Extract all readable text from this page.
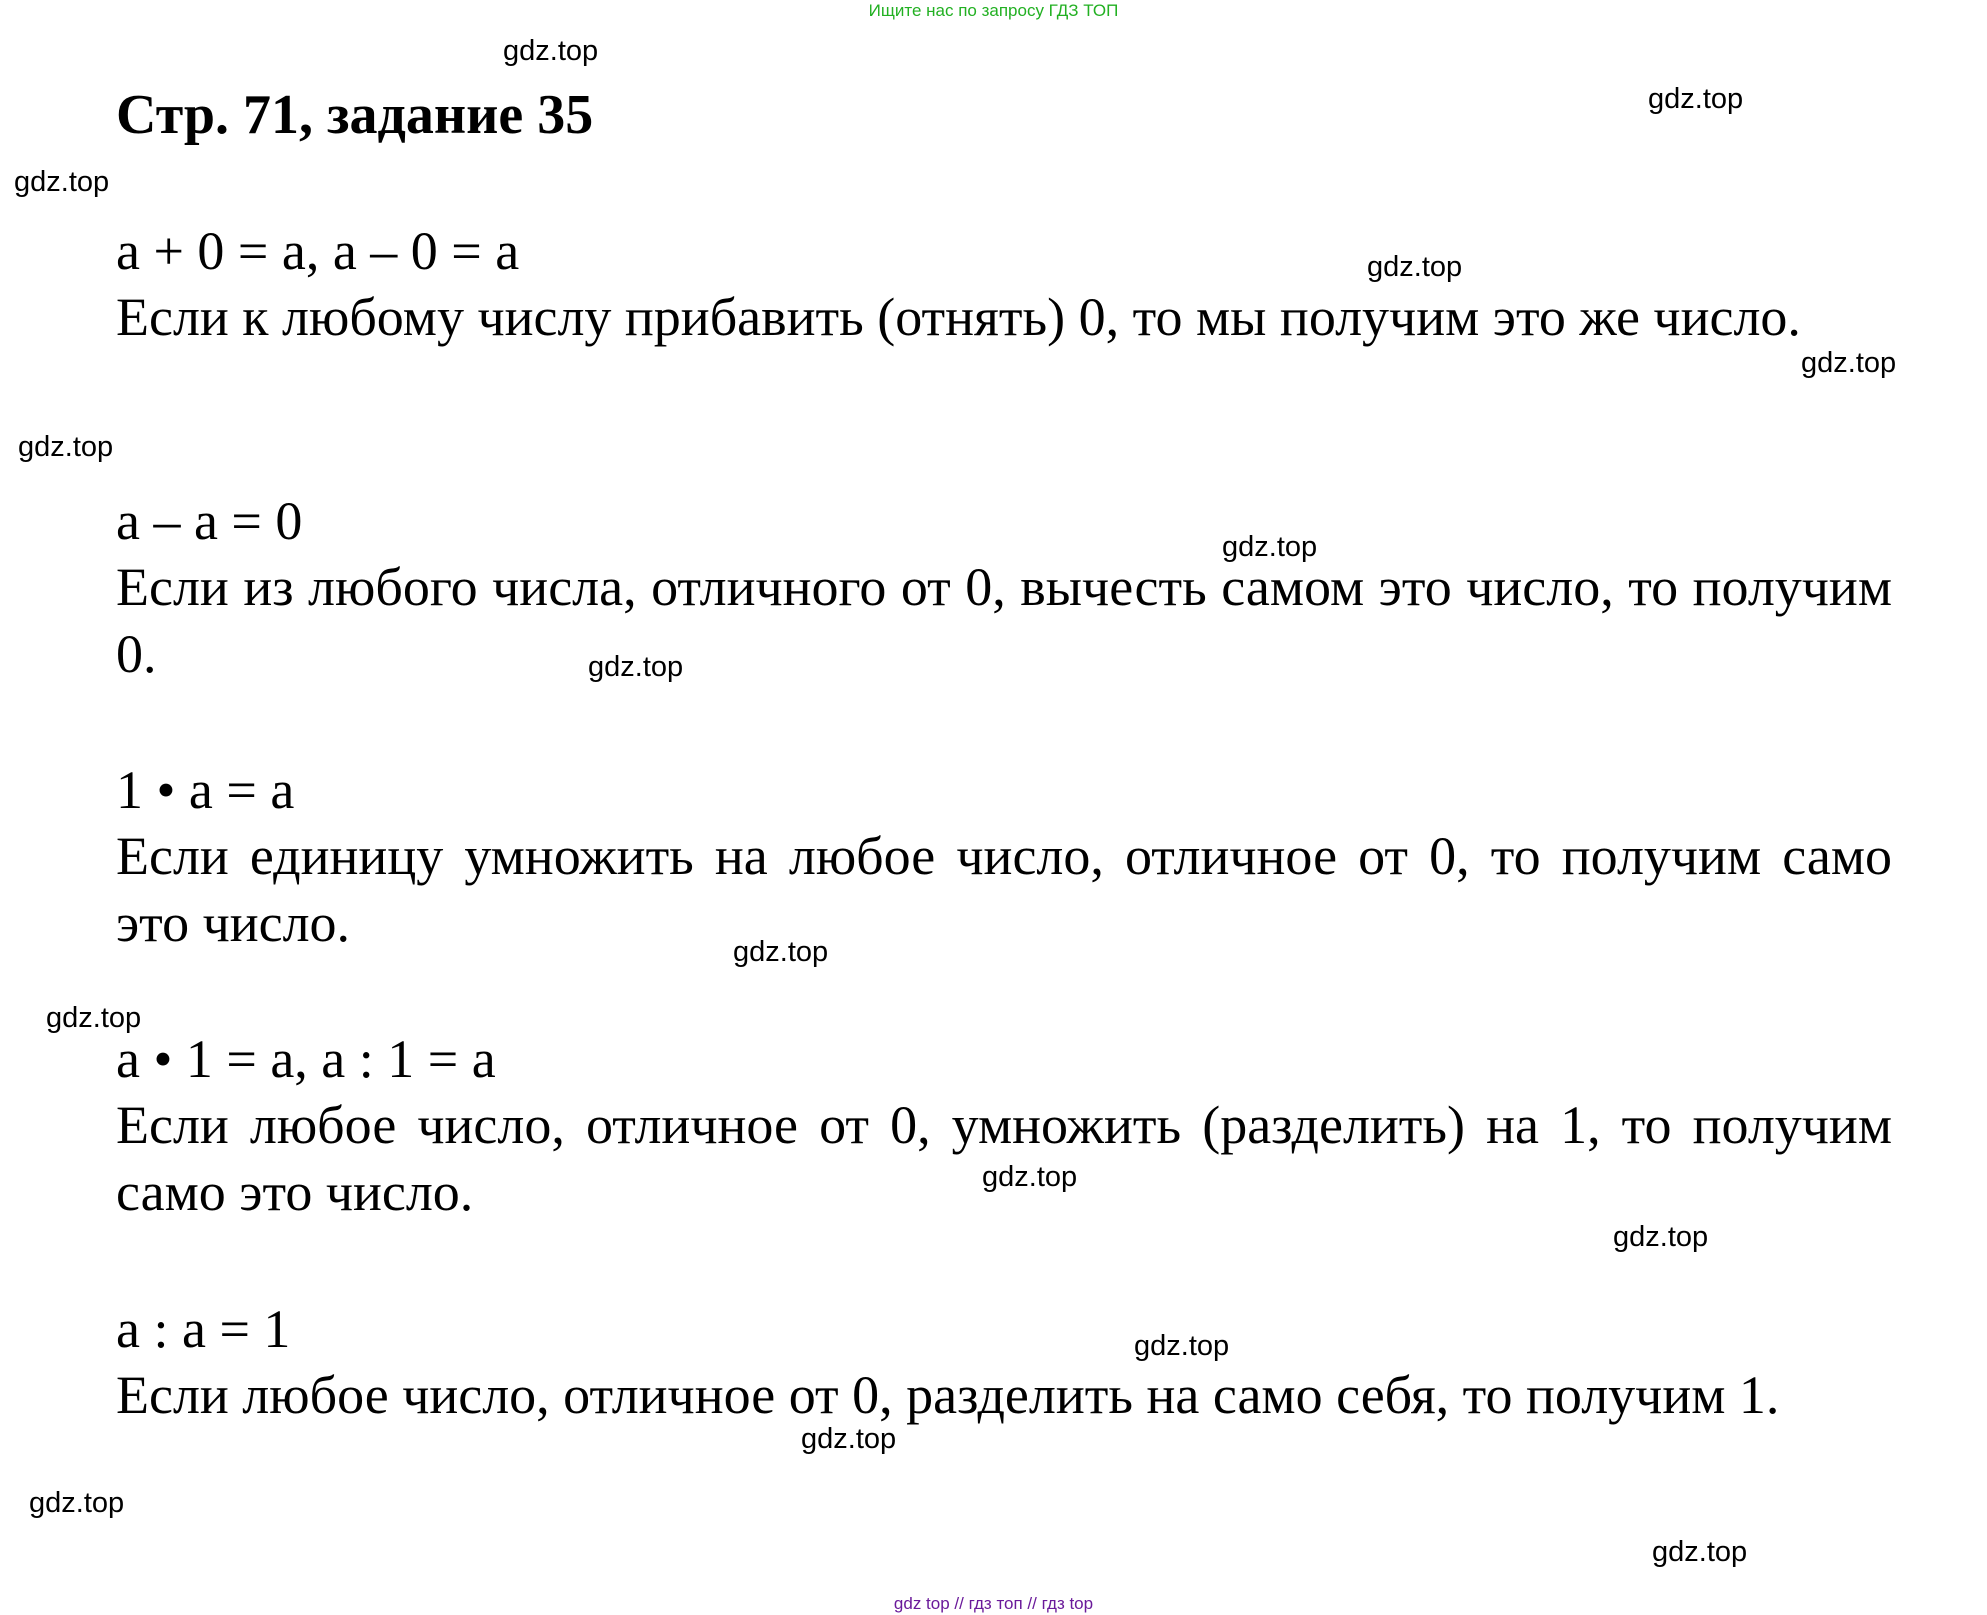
Ищите нас по запросу ГДЗ ТОП
Стр. 71, задание 35
a + 0 = a, a – 0 = a

Если к любому числу прибавить (отнять) 0, то мы получим это же число.

a – a = 0

Если из любого числа, отличного от 0, вычесть самом это число, то получим 0.

1 • a = a

Если единицу умножить на любое число, отличное от 0, то получим само это число.

a • 1 = a, a : 1 = a

Если любое число, отличное от 0, умножить (разделить) на 1, то получим само это число.

a : a = 1

Если любое число, отличное от 0, разделить на само себя, то получим 1.

gdz.top
gdz.top
gdz.top
gdz.top
gdz.top
gdz.top
gdz.top
gdz.top
gdz.top
gdz.top
gdz.top
gdz.top
gdz.top
gdz.top
gdz.top
gdz.top
gdz top // гдз топ // гдз top
